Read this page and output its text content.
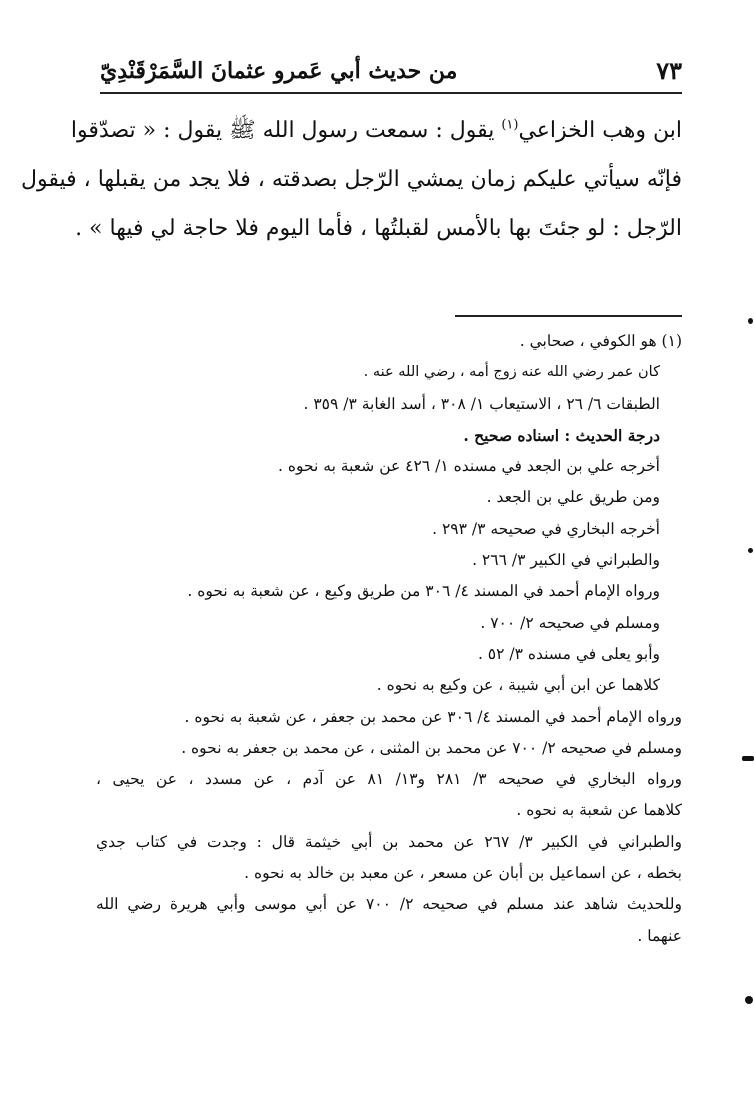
٧٣
من حديث أبي عَمرو عثمانَ السَّمَرْقَنْدِيّ
ابن وهب الخزاعي$^{(١)}$ يقول : سمعت رسول الله ﷺ يقول : « تصدّقوا
فإنّه سيأتي عليكم زمان يمشي الرّجل بصدقته ، فلا يجد من يقبلها ، فيقول
الرّجل : لو جئتَ بها بالأمس لقبلتُها ، فأما اليوم فلا حاجة لي فيها » .
(١) هو الكوفي ، صحابي .
كان عمر رضي الله عنه زوج أمه ، رضي الله عنه .
الطبقات ٦/ ٢٦ ، الاستيعاب ١/ ٣٠٨ ، أسد الغابة ٣/ ٣٥٩ .
درجة الحديث : اسناده صحيح .
أخرجه علي بن الجعد في مسنده ١/ ٤٢٦ عن شعبة به نحوه .
ومن طريق علي بن الجعد .
أخرجه البخاري في صحيحه ٣/ ٢٩٣ .
والطبراني في الكبير ٣/ ٢٦٦ .
ورواه الإمام أحمد في المسند ٤/ ٣٠٦ من طريق وكيع ، عن شعبة به نحوه .
ومسلم في صحيحه ٢/ ٧٠٠ .
وأبو يعلى في مسنده ٣/ ٥٢ .
كلاهما عن ابن أبي شيبة ، عن وكيع به نحوه .
ورواه الإمام أحمد في المسند ٤/ ٣٠٦ عن محمد بن جعفر ، عن شعبة به نحوه .
ومسلم في صحيحه ٢/ ٧٠٠ عن محمد بن المثنى ، عن محمد بن جعفر به نحوه .
ورواه البخاري في صحيحه ٣/ ٢٨١ و١٣/ ٨١ عن آدم ، عن مسدد ، عن يحيى ،
كلاهما عن شعبة به نحوه .
والطبراني في الكبير ٣/ ٢٦٧ عن محمد بن أبي خيثمة قال : وجدت في كتاب جدي
بخطه ، عن اسماعيل بن أبان عن مسعر ، عن معبد بن خالد به نحوه .
وللحديث شاهد عند مسلم في صحيحه ٢/ ٧٠٠ عن أبي موسى وأبي هريرة رضي الله
عنهما .
